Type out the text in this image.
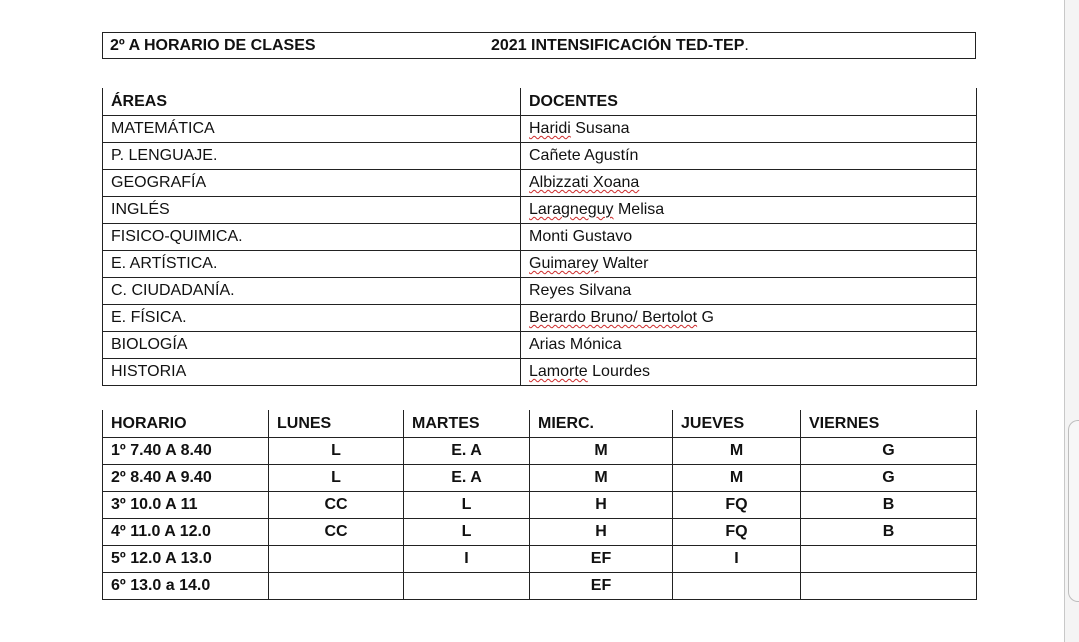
2º A HORARIO DE CLASES	2021 INTENSIFICACIÓN TED-TEP.
ÁREAS	DOCENTES
MATEMÁTICA	Haridi Susana
P. LENGUAJE.	Cañete Agustín
GEOGRAFÍA	Albizzati Xoana
INGLÉS	Laragneguy Melisa
FISICO-QUIMICA.	Monti Gustavo
E. ARTÍSTICA.	Guimarey Walter
C. CIUDADANÍA.	Reyes Silvana
E. FÍSICA.	Berardo Bruno/ Bertolot G
BIOLOGÍA	Arias Mónica
HISTORIA	Lamorte Lourdes
HORARIO	LUNES	MARTES	MIERC.	JUEVES	VIERNES
1º 7.40 A 8.40	L	E. A	M	M	G
2º 8.40 A 9.40	L	E. A	M	M	G
3º 10.0 A 11	CC	L	H	FQ	B
4º 11.0 A 12.0	CC	L	H	FQ	B
5º 12.0 A 13.0		I	EF	I	
6º 13.0 a 14.0			EF		
